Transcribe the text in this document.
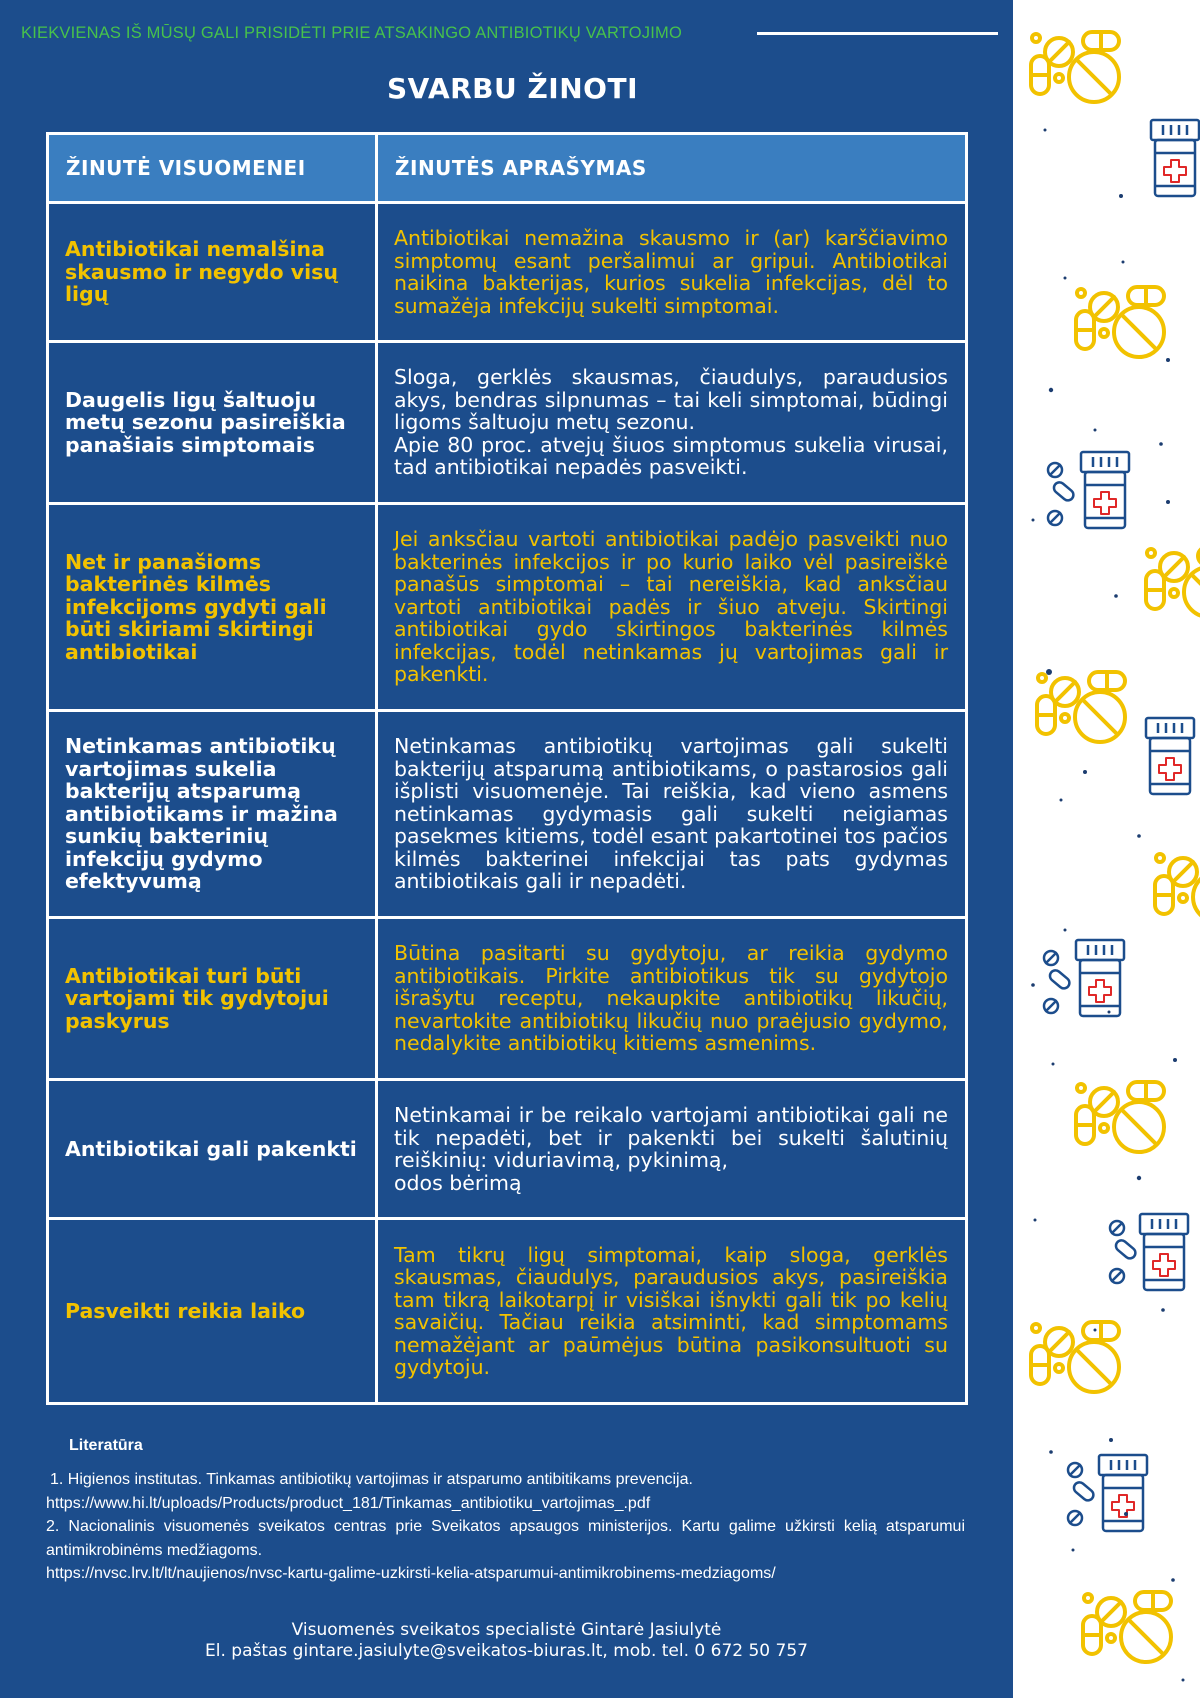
KIEKVIENAS IŠ MŪSŲ GALI PRISIDĖTI PRIE ATSAKINGO ANTIBIOTIKŲ VARTOJIMO
SVARBU ŽINOTI
ŽINUTĖ VISUOMENEI	ŽINUTĖS APRAŠYMAS
Antibiotikai nemalšina skausmo ir negydo visų ligų	Antibiotikai nemažina skausmo ir (ar) karščiavimo simptomų esant peršalimui ar gripui. Antibiotikai naikina bakterijas, kurios sukelia infekcijas, dėl to sumažėja infekcijų sukelti simptomai.
Daugelis ligų šaltuoju metų sezonu pasireiškia panašiais simptomais	Sloga, gerklės skausmas, čiaudulys, paraudusios akys, bendras silpnumas – tai keli simptomai, būdingi ligoms šaltuoju metų sezonu.
Apie 80 proc. atvejų šiuos simptomus sukelia virusai, tad antibiotikai nepadės pasveikti.
Net ir panašioms bakterinės kilmės infekcijoms gydyti gali būti skiriami skirtingi antibiotikai	Jei anksčiau vartoti antibiotikai padėjo pasveikti nuo bakterinės infekcijos ir po kurio laiko vėl pasireiškė panašūs simptomai – tai nereiškia, kad anksčiau vartoti antibiotikai padės ir šiuo atveju. Skirtingi antibiotikai gydo skirtingos bakterinės kilmės infekcijas, todėl netinkamas jų vartojimas gali ir pakenkti.
Netinkamas antibiotikų vartojimas sukelia bakterijų atsparumą antibiotikams ir mažina sunkių bakterinių infekcijų gydymo efektyvumą	Netinkamas antibiotikų vartojimas gali sukelti bakterijų atsparumą antibiotikams, o pastarosios gali išplisti visuomenėje. Tai reiškia, kad vieno asmens netinkamas gydymasis gali sukelti neigiamas pasekmes kitiems, todėl esant pakartotinei tos pačios kilmės bakterinei infekcijai tas pats gydymas antibiotikais gali ir nepadėti.
Antibiotikai turi būti vartojami tik gydytojui paskyrus	Būtina pasitarti su gydytoju, ar reikia gydymo antibiotikais. Pirkite antibiotikus tik su gydytojo išrašytu receptu, nekaupkite antibiotikų likučių, nevartokite antibiotikų likučių nuo praėjusio gydymo, nedalykite antibiotikų kitiems asmenims.
Antibiotikai gali pakenkti	Netinkamai ir be reikalo vartojami antibiotikai gali ne tik nepadėti, bet ir pakenkti bei sukelti šalutinių reiškinių: viduriavimą, pykinimą,
odos bėrimą
Pasveikti reikia laiko	Tam tikrų ligų simptomai, kaip sloga, gerklės skausmas, čiaudulys, paraudusios akys, pasireiškia tam tikrą laikotarpį ir visiškai išnykti gali tik po kelių savaičių. Tačiau reikia atsiminti, kad simptomams nemažėjant ar paūmėjus būtina pasikonsultuoti su gydytoju.
Literatūra

1. Higienos institutas. Tinkamas antibiotikų vartojimas ir atsparumo antibitikams prevencija.

https://www.hi.lt/uploads/Products/product_181/Tinkamas_antibiotiku_vartojimas_.pdf

2. Nacionalinis visuomenės sveikatos centras prie Sveikatos apsaugos ministerijos. Kartu galime užkirsti kelią atsparumui antimikrobinėms medžiagoms.

https://nvsc.lrv.lt/lt/naujienos/nvsc-kartu-galime-uzkirsti-kelia-atsparumui-antimikrobinems-medziagoms/

Visuomenės sveikatos specialistė Gintarė Jasiulytė
El. paštas gintare.jasiulyte@sveikatos-biuras.lt, mob. tel. 0 672 50 757
